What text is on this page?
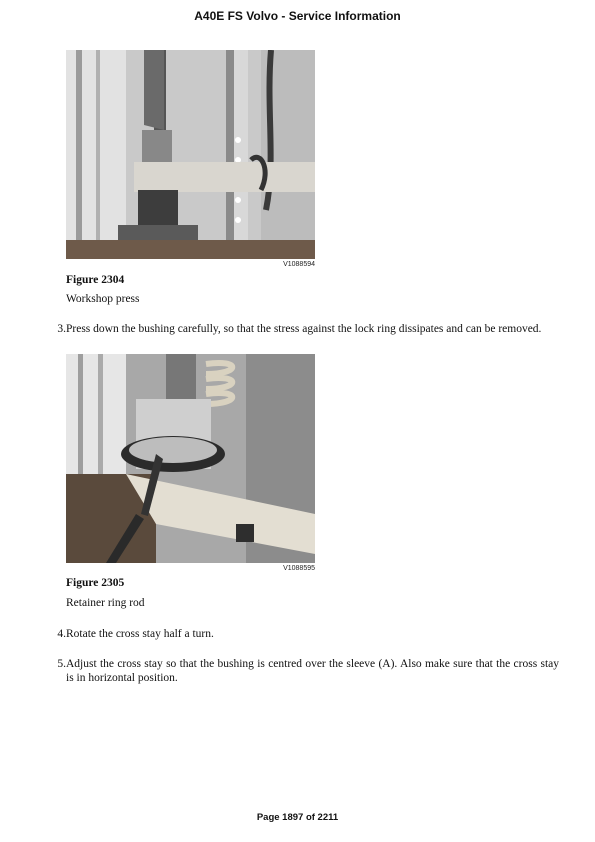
A40E FS Volvo - Service Information
V1088594
Figure 2304
Workshop press
3. Press down the bushing carefully, so that the stress against the lock ring dissipates and can be removed.
V1088595
Figure 2305
Retainer ring rod
4. Rotate the cross stay half a turn.
5. Adjust the cross stay so that the bushing is centred over the sleeve (A). Also make sure that the cross stay is in horizontal position.
Page 1897 of 2211
